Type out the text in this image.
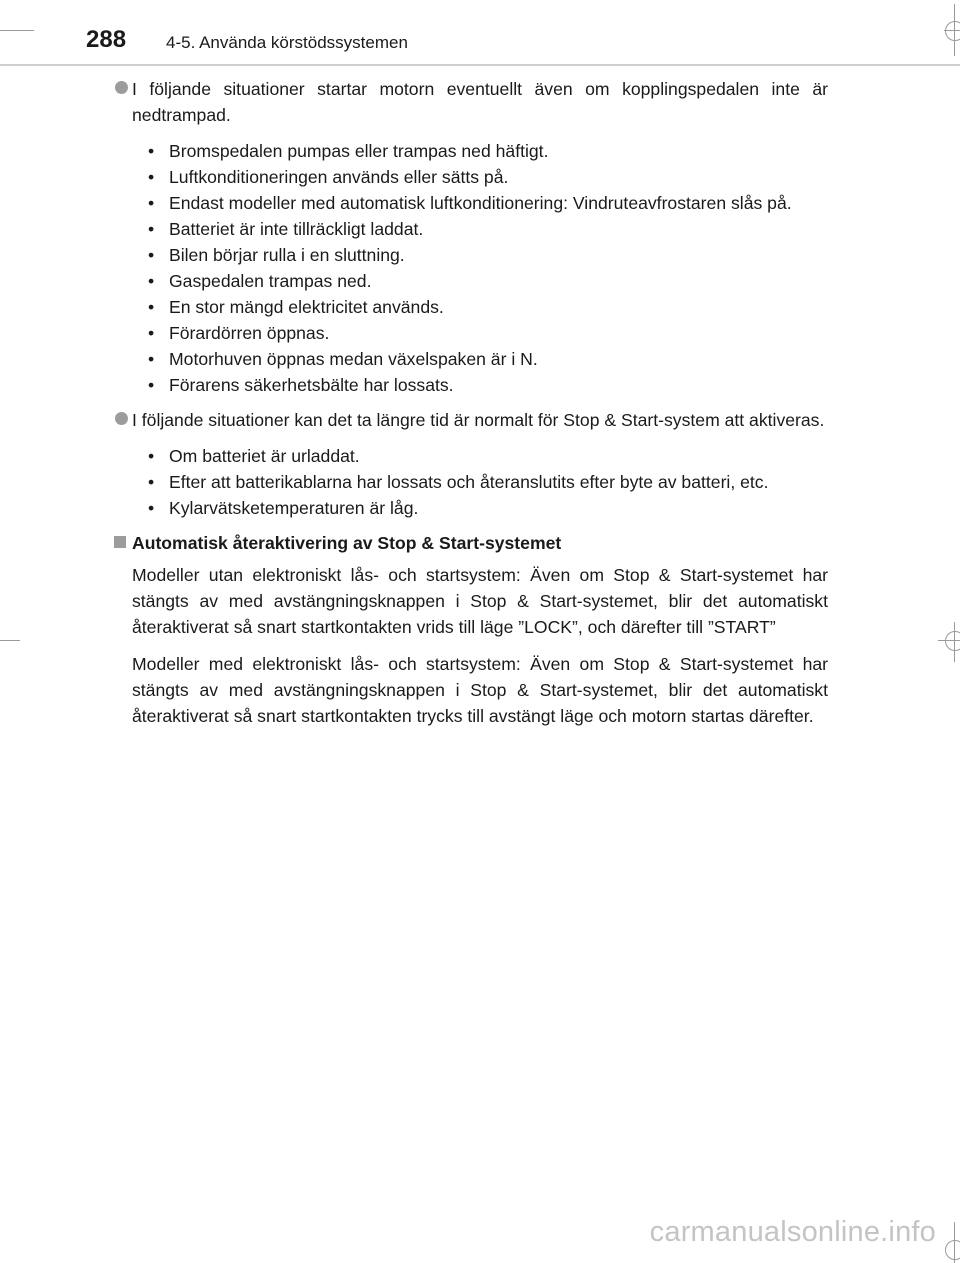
288 4-5. Använda körstödssystemen
I följande situationer startar motorn eventuellt även om kopplingspedalen inte är nedtrampad.
• Bromspedalen pumpas eller trampas ned häftigt.
• Luftkonditioneringen används eller sätts på.
• Endast modeller med automatisk luftkonditionering: Vindruteavfrostaren slås på.
• Batteriet är inte tillräckligt laddat.
• Bilen börjar rulla i en sluttning.
• Gaspedalen trampas ned.
• En stor mängd elektricitet används.
• Förardörren öppnas.
• Motorhuven öppnas medan växelspaken är i N.
• Förarens säkerhetsbälte har lossats.
I följande situationer kan det ta längre tid är normalt för Stop & Start-system att aktiveras.
• Om batteriet är urladdat.
• Efter att batterikablarna har lossats och återanslutits efter byte av batteri, etc.
• Kylarvätsketemperaturen är låg.
Automatisk återaktivering av Stop & Start-systemet

Modeller utan elektroniskt lås- och startsystem: Även om Stop & Start-systemet har stängts av med avstängningsknappen i Stop & Start-systemet, blir det automatiskt återaktiverat så snart startkontakten vrids till läge ”LOCK”, och därefter till ”START”

Modeller med elektroniskt lås- och startsystem: Även om Stop & Start-systemet har stängts av med avstängningsknappen i Stop & Start-systemet, blir det automatiskt återaktiverat så snart startkontakten trycks till avstängt läge och motorn startas därefter.

carmanualsonline.info
